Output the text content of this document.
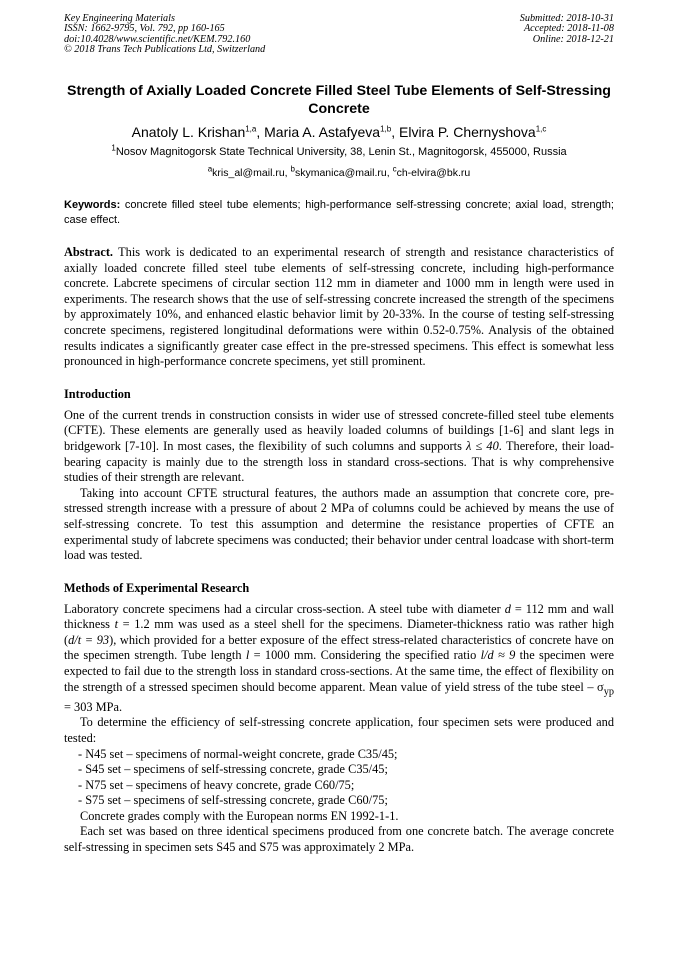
Key Engineering Materials
ISSN: 1662-9795, Vol. 792, pp 160-165
doi:10.4028/www.scientific.net/KEM.792.160
© 2018 Trans Tech Publications Ltd, Switzerland
Submitted: 2018-10-31
Accepted: 2018-11-08
Online: 2018-12-21
Strength of Axially Loaded Concrete Filled Steel Tube Elements of Self-Stressing Concrete
Anatoly L. Krishan$^{1,a}$, Maria A. Astafyeva$^{1,b}$, Elvira P. Chernyshova$^{1,c}$
$^1$Nosov Magnitogorsk State Technical University, 38, Lenin St., Magnitogorsk, 455000, Russia
$^a$kris_al@mail.ru, $^b$skymanica@mail.ru, $^c$ch-elvira@bk.ru
Keywords: concrete filled steel tube elements; high-performance self-stressing concrete; axial load, strength; case effect.
Abstract. This work is dedicated to an experimental research of strength and resistance characteristics of axially loaded concrete filled steel tube elements of self-stressing concrete, including high-performance concrete. Labcrete specimens of circular section 112 mm in diameter and 1000 mm in length were used in experiments. The research shows that the use of self-stressing concrete increased the strength of the specimens by approximately 10%, and enhanced elastic behavior limit by 20-33%. In the course of testing self-stressing concrete specimens, registered longitudinal deformations were within 0.52-0.75%. Analysis of the obtained results indicates a significantly greater case effect in the pre-stressed specimens. This effect is somewhat less pronounced in high-performance concrete specimens, yet still prominent.
Introduction

One of the current trends in construction consists in wider use of stressed concrete-filled steel tube elements (CFTE). These elements are generally used as heavily loaded columns of buildings [1-6] and slant legs in bridgework [7-10]. In most cases, the flexibility of such columns and supports λ ≤ 40. Therefore, their load-bearing capacity is mainly due to the strength loss in standard cross-sections. That is why comprehensive studies of their strength are relevant.

Taking into account CFTE structural features, the authors made an assumption that concrete core, pre-stressed strength increase with a pressure of about 2 MPa of columns could be achieved by means the use of self-stressing concrete. To test this assumption and determine the resistance properties of CFTE an experimental study of labcrete specimens was conducted; their behavior under central loadcase with short-term load was tested.

Methods of Experimental Research

Laboratory concrete specimens had a circular cross-section. A steel tube with diameter d = 112 mm and wall thickness t = 1.2 mm was used as a steel shell for the specimens. Diameter-thickness ratio was rather high (d/t = 93), which provided for a better exposure of the effect stress-related characteristics of concrete have on the specimen strength. Tube length l = 1000 mm. Considering the specified ratio l/d ≈ 9 the specimen were expected to fail due to the strength loss in standard cross-sections. At the same time, the effect of flexibility on the strength of a stressed specimen should become apparent. Mean value of yield stress of the tube steel – $\sigma_{yp} = 303$ MPa.

To determine the efficiency of self-stressing concrete application, four specimen sets were produced and tested:

- N45 set – specimens of normal-weight concrete, grade C35/45;
- S45 set – specimens of self-stressing concrete, grade C35/45;
- N75 set – specimens of heavy concrete, grade C60/75;
- S75 set – specimens of self-stressing concrete, grade C60/75;

Concrete grades comply with the European norms EN 1992-1-1.

Each set was based on three identical specimens produced from one concrete batch. The average concrete self-stressing in specimen sets S45 and S75 was approximately 2 MPa.
